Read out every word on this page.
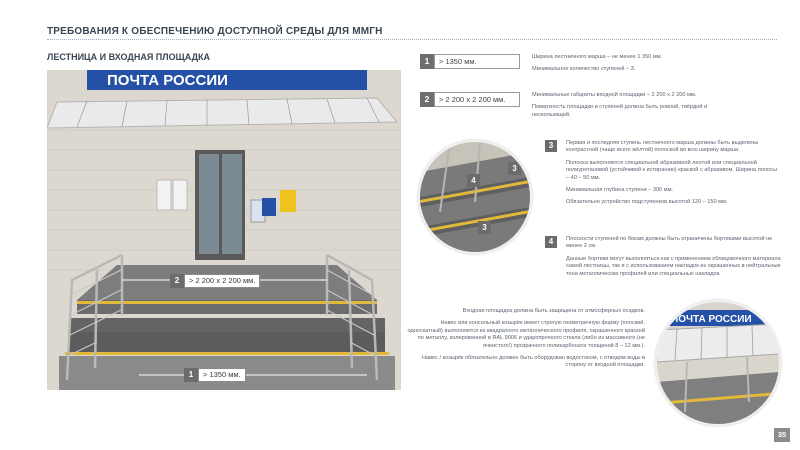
ТРЕБОВАНИЯ К ОБЕСПЕЧЕНИЮ ДОСТУПНОЙ СРЕДЫ ДЛЯ ММГН
ЛЕСТНИЦА И ВХОДНАЯ ПЛОЩАДКА
ПОЧТА РОССИИ
2	> 2 200 х 2 200 мм.
1	> 1350 мм.
1	> 1350 мм.	Ширина лестничного марша – не менее 1 350 мм.

Минимальное количество ступеней – 3.

2	> 2 200 х 2 200 мм.	Минимальные габариты входной площадки – 2 200 х 2 200 мм.

Поверхность площадки и ступеней должна быть ровной, твёрдой и нескользящей.

4
3
3
3	Первая и последняя ступень лестничного марша должны быть выделены контрастной (чаще всего жёлтой) полоской во всю ширину марша.

Полоска выполняется специальной абразивной лентой или специальной полиуретановой (устойчивой к истиранию) краской с абразивом. Ширина полосы – 40 – 50 мм.

Минимальная глубина ступени – 300 мм.

Обязательно устройство подступенков высотой 120 – 150 мм.

4	Плоскости ступеней по бокам должны быть ограничены бортиками высотой не менее 2 см.

Данные бортики могут выполняться как с применением облицовочного материала самой лестницы, так и с использованием накладок из окрашенных в нейтральные тона металлических профилей или специальных накладок.

Входная площадка должна быть защищена от атмосферных осадков.

Навес или консольный козырёк имеет строгую геометричную форму (плоский, односкатный) выполняется из квадратного металлического профиля, окрашенного краской по металлу, колерованной в RAL 9006 и ударопрочного стекла (либо из массивного (не ячеистого!) прозрачного поликарбоната толщиной 8 – 12 мм.).

Навес / козырёк обязательно должен быть оборудован водостоком, с отводом воды в сторону от входной площадки.

ПОЧТА РОССИИ
35
